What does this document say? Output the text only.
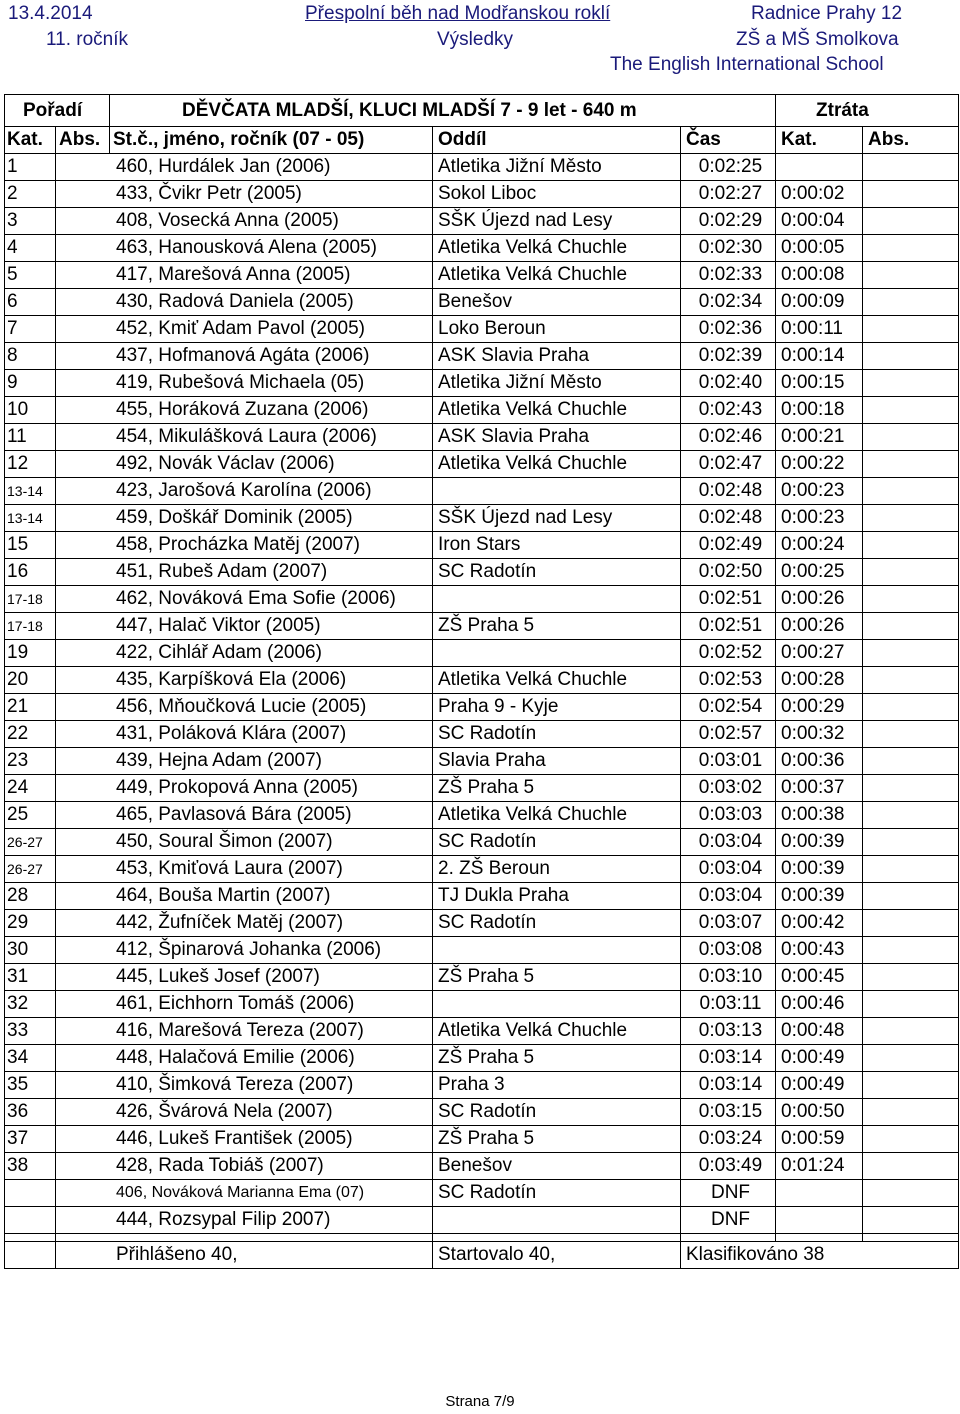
13.4.2014	Přespolní běh nad Modřanskou roklí	Radnice Prahy 12
11. ročník	Výsledky	ZŠ a MŠ Smolkova
The English International School
Pořadí		DĚVČATA MLADŠÍ, KLUCI MLADŠÍ 7 - 9 let - 640 m			Ztráta	
Kat.	Abs.	St.č., jméno, ročník (07 - 05)	Oddíl	Čas	Kat.	Abs.
1	460, Hurdálek Jan (2006)		Atletika Jižní Město	0:02:25		
2	433, Čvikr Petr (2005)		Sokol Liboc	0:02:27	0:00:02	
3	408, Vosecká Anna (2005)		SŠK Újezd nad Lesy	0:02:29	0:00:04	
4	463, Hanousková Alena (2005)		Atletika Velká Chuchle	0:02:30	0:00:05	
5	417, Marešová Anna (2005)		Atletika Velká Chuchle	0:02:33	0:00:08	
6	430, Radová Daniela (2005)		Benešov	0:02:34	0:00:09	
7	452, Kmiť Adam Pavol (2005)		Loko Beroun	0:02:36	0:00:11	
8	437, Hofmanová Agáta (2006)		ASK Slavia Praha	0:02:39	0:00:14	
9	419, Rubešová Michaela (05)		Atletika Jižní Město	0:02:40	0:00:15	
10	455, Horáková Zuzana (2006)		Atletika Velká Chuchle	0:02:43	0:00:18	
11	454, Mikulášková Laura (2006)		ASK Slavia Praha	0:02:46	0:00:21	
12	492, Novák Václav (2006)		Atletika Velká Chuchle	0:02:47	0:00:22	
13-14	423, Jarošová Karolína (2006)			0:02:48	0:00:23	
13-14	459, Doškář Dominik (2005)		SŠK Újezd nad Lesy	0:02:48	0:00:23	
15	458, Procházka Matěj (2007)		Iron Stars	0:02:49	0:00:24	
16	451, Rubeš Adam (2007)		SC Radotín	0:02:50	0:00:25	
17-18	462, Nováková Ema Sofie (2006)			0:02:51	0:00:26	
17-18	447, Halač Viktor (2005)		ZŠ Praha 5	0:02:51	0:00:26	
19	422, Cihlář Adam (2006)			0:02:52	0:00:27	
20	435, Karpíšková Ela (2006)		Atletika Velká Chuchle	0:02:53	0:00:28	
21	456, Mňoučková Lucie (2005)		Praha 9 - Kyje	0:02:54	0:00:29	
22	431, Poláková Klára (2007)		SC Radotín	0:02:57	0:00:32	
23	439, Hejna Adam (2007)		Slavia Praha	0:03:01	0:00:36	
24	449, Prokopová Anna (2005)		ZŠ Praha 5	0:03:02	0:00:37	
25	465, Pavlasová Bára (2005)		Atletika Velká Chuchle	0:03:03	0:00:38	
26-27	450, Soural Šimon (2007)		SC Radotín	0:03:04	0:00:39	
26-27	453, Kmiťová Laura (2007)		2. ZŠ Beroun	0:03:04	0:00:39	
28	464, Bouša Martin (2007)		TJ Dukla Praha	0:03:04	0:00:39	
29	442, Žufníček Matěj (2007)		SC Radotín	0:03:07	0:00:42	
30	412, Špinarová Johanka (2006)			0:03:08	0:00:43	
31	445, Lukeš Josef (2007)		ZŠ Praha 5	0:03:10	0:00:45	
32	461, Eichhorn Tomáš (2006)			0:03:11	0:00:46	
33	416, Marešová Tereza (2007)		Atletika Velká Chuchle	0:03:13	0:00:48	
34	448, Halačová Emilie (2006)		ZŠ Praha 5	0:03:14	0:00:49	
35	410, Šimková Tereza (2007)		Praha 3	0:03:14	0:00:49	
36	426, Švárová Nela (2007)		SC Radotín	0:03:15	0:00:50	
37	446, Lukeš František (2005)		ZŠ Praha 5	0:03:24	0:00:59	
38	428, Rada Tobiáš (2007)		Benešov	0:03:49	0:01:24	
	406, Nováková Marianna Ema (07)		SC Radotín	DNF		
	444, Rozsypal Filip 2007)			DNF		

	Přihlášeno 40,		Startovalo 40,	Klasifikováno 38		
Strana 7/9
